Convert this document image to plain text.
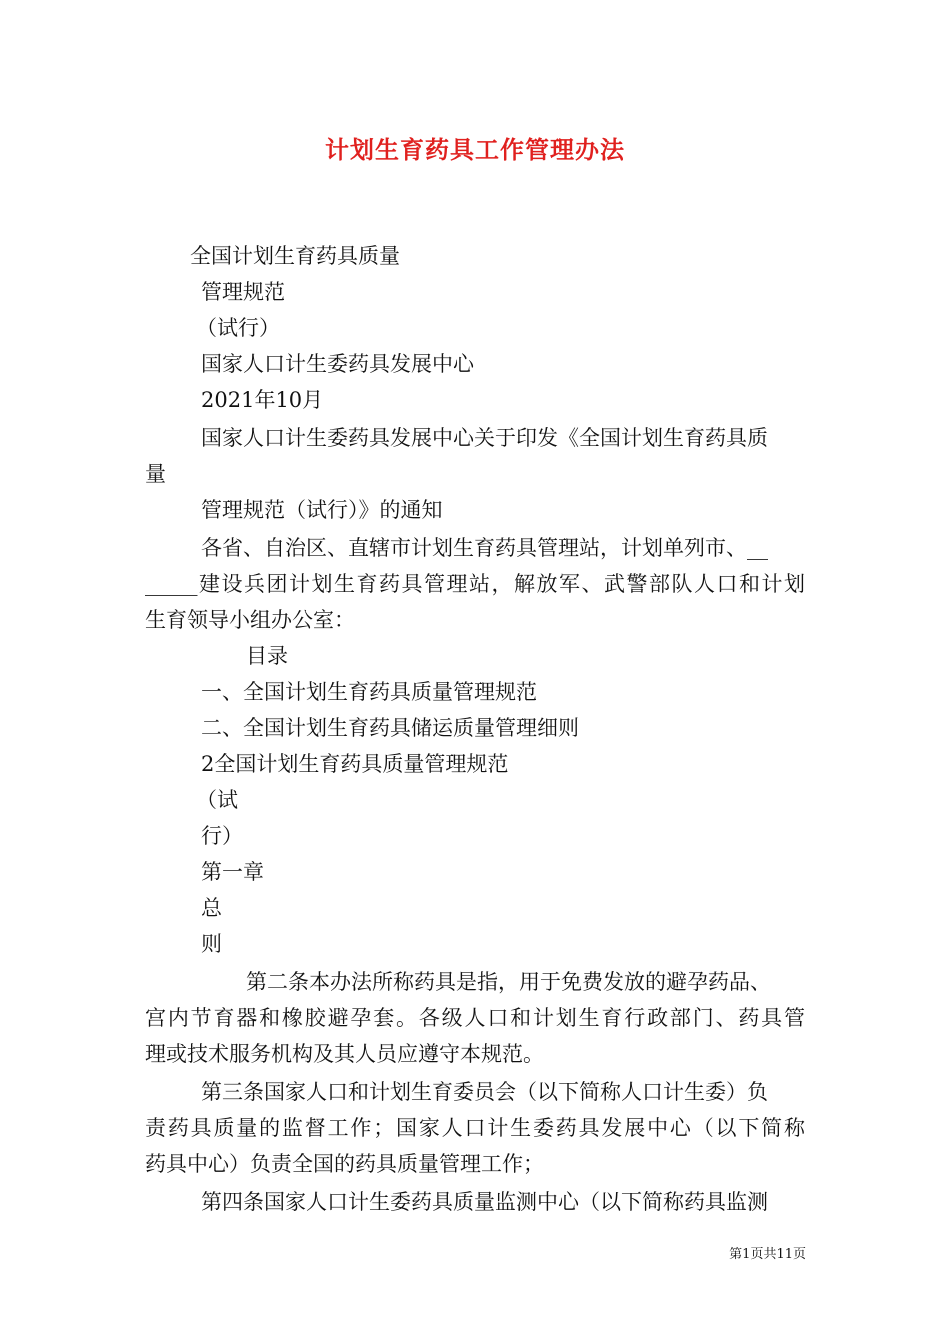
计划生育药具工作管理办法
全国计划生育药具质量
管理规范
（试行）
国家人口计生委药具发展中心
2021年10月
国家人口计生委药具发展中心关于印发《全国计划生育药具质
量
管理规范（试行）》的通知
各省、自治区、直辖市计划生育药具管理站，计划单列市、__
_____建设兵团计划生育药具管理站，解放军、武警部队人口和计划
生育领导小组办公室：
目录
一、全国计划生育药具质量管理规范
二、全国计划生育药具储运质量管理细则
2全国计划生育药具质量管理规范
（试
行）
第一章
总
则
第二条本办法所称药具是指，用于免费发放的避孕药品、
宫内节育器和橡胶避孕套。各级人口和计划生育行政部门、药具管
理或技术服务机构及其人员应遵守本规范。
第三条国家人口和计划生育委员会（以下简称人口计生委）负
责药具质量的监督工作；国家人口计生委药具发展中心（以下简称
药具中心）负责全国的药具质量管理工作；
第四条国家人口计生委药具质量监测中心（以下简称药具监测
第1页共11页
